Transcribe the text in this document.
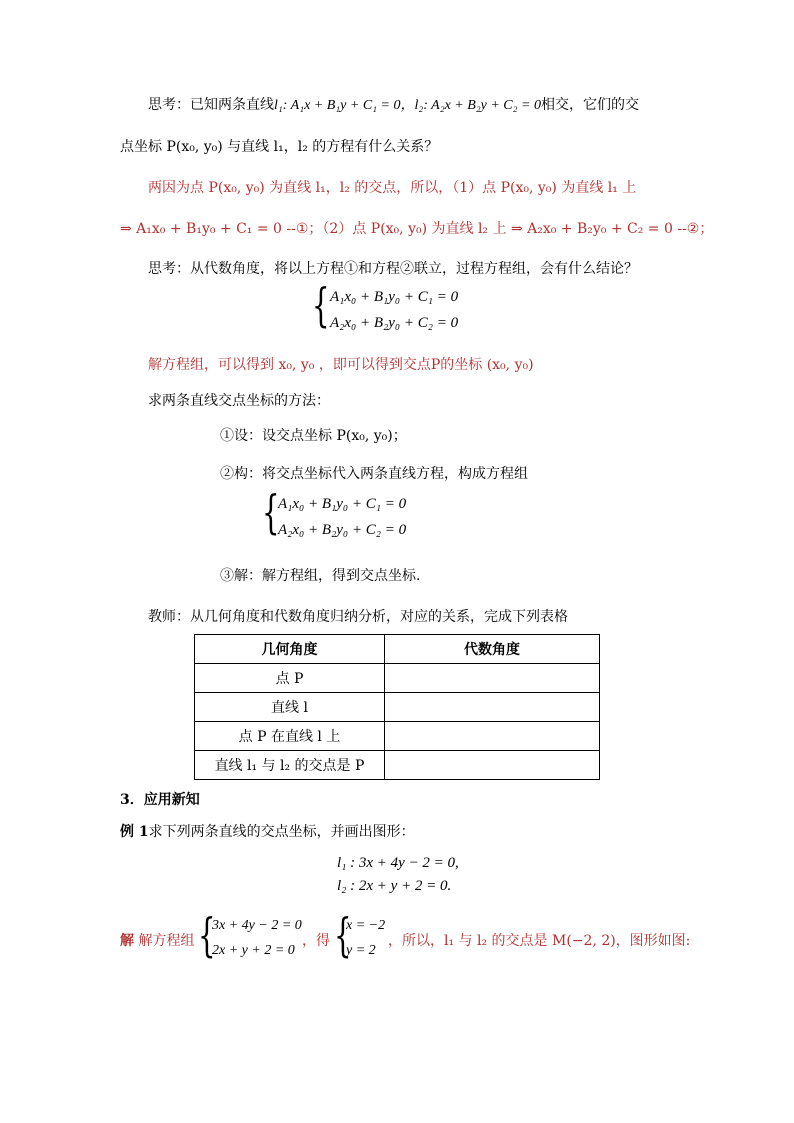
思考：已知两条直线l₁: A₁x + B₁y + C₁ = 0，l₂: A₂x + B₂y + C₂ = 0相交，它们的交
点坐标 P(x₀, y₀) 与直线 l₁，l₂ 的方程有什么关系？
两因为点 P(x₀, y₀) 为直线 l₁，l₂ 的交点，所以，（1）点 P(x₀, y₀) 为直线 l₁ 上
⇒ A₁x₀ + B₁y₀ + C₁ = 0 --①；（2）点 P(x₀, y₀) 为直线 l₂ 上 ⇒ A₂x₀ + B₂y₀ + C₂ = 0 --②；
思考：从代数角度，将以上方程①和方程②联立，过程方程组，会有什么结论？
{ A₁x₀ + B₁y₀ + C₁ = 0
A₂x₀ + B₂y₀ + C₂ = 0
解方程组，可以得到 x₀, y₀ ，即可以得到交点P的坐标 (x₀, y₀)
求两条直线交点坐标的方法：
①设：设交点坐标 P(x₀, y₀)；
②构：将交点坐标代入两条直线方程，构成方程组
{
A₁x₀ + B₁y₀ + C₁ = 0
A₂x₀ + B₂y₀ + C₂ = 0
③解：解方程组，得到交点坐标.
教师：从几何角度和代数角度归纳分析，对应的关系，完成下列表格
几何角度	代数角度
点 P	
直线 l	
点 P 在直线 l 上	
直线 l₁ 与 l₂ 的交点是 P	
3．应用新知
例 1求下列两条直线的交点坐标，并画出图形：
l₁ : 3x + 4y − 2 = 0,
l₂ : 2x + y + 2 = 0.
解 解方程组 {
3x + 4y − 2 = 0
2x + y + 2 = 0
，得 {
x = −2
y = 2
，所以，l₁ 与 l₂ 的交点是 M(−2, 2)，图形如图:
